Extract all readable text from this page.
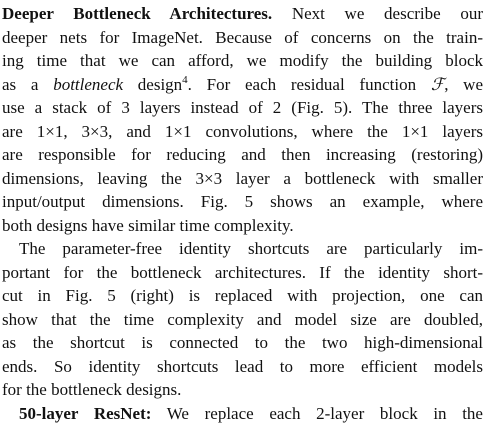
Deeper Bottleneck Architectures. Next we describe our
deeper nets for ImageNet. Because of concerns on the train-
ing time that we can afford, we modify the building block
as a bottleneck design$^4$. For each residual function ℱ, we
use a stack of 3 layers instead of 2 (Fig. 5). The three layers
are 1×1, 3×3, and 1×1 convolutions, where the 1×1 layers
are responsible for reducing and then increasing (restoring)
dimensions, leaving the 3×3 layer a bottleneck with smaller
input/output dimensions. Fig. 5 shows an example, where
both designs have similar time complexity.
The parameter-free identity shortcuts are particularly im-
portant for the bottleneck architectures. If the identity short-
cut in Fig. 5 (right) is replaced with projection, one can
show that the time complexity and model size are doubled,
as the shortcut is connected to the two high-dimensional
ends. So identity shortcuts lead to more efficient models
for the bottleneck designs.
50-layer ResNet: We replace each 2-layer block in the
